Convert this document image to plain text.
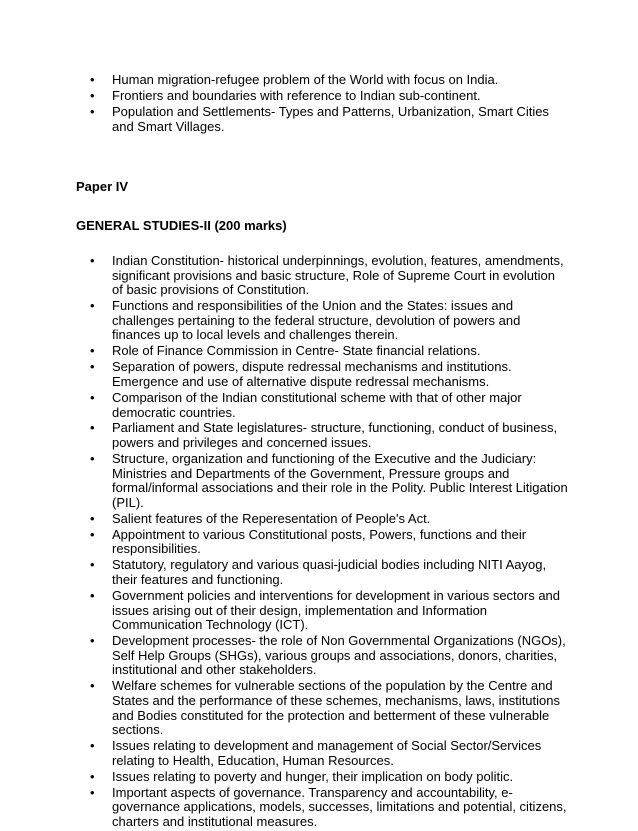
• Human migration-refugee problem of the World with focus on India.
• Frontiers and boundaries with reference to Indian sub-continent.
• Population and Settlements- Types and Patterns, Urbanization, Smart Cities and Smart Villages.

Paper IV

GENERAL STUDIES-II (200 marks)

• Indian Constitution- historical underpinnings, evolution, features, amendments, significant provisions and basic structure, Role of Supreme Court in evolution of basic provisions of Constitution.
• Functions and responsibilities of the Union and the States: issues and challenges pertaining to the federal structure, devolution of powers and finances up to local levels and challenges therein.
• Role of Finance Commission in Centre- State financial relations.
• Separation of powers, dispute redressal mechanisms and institutions. Emergence and use of alternative dispute redressal mechanisms.
• Comparison of the Indian constitutional scheme with that of other major democratic countries.
• Parliament and State legislatures- structure, functioning, conduct of business, powers and privileges and concerned issues.
• Structure, organization and functioning of the Executive and the Judiciary: Ministries and Departments of the Government, Pressure groups and formal/informal associations and their role in the Polity. Public Interest Litigation (PIL).
• Salient features of the Reperesentation of People's Act.
• Appointment to various Constitutional posts, Powers, functions and their responsibilities.
• Statutory, regulatory and various quasi-judicial bodies including NITI Aayog, their features and functioning.
• Government policies and interventions for development in various sectors and issues arising out of their design, implementation and Information Communication Technology (ICT).
• Development processes- the role of Non Governmental Organizations (NGOs), Self Help Groups (SHGs), various groups and associations, donors, charities, institutional and other stakeholders.
• Welfare schemes for vulnerable sections of the population by the Centre and States and the performance of these schemes, mechanisms, laws, institutions and Bodies constituted for the protection and betterment of these vulnerable sections.
• Issues relating to development and management of Social Sector/Services relating to Health, Education, Human Resources.
• Issues relating to poverty and hunger, their implication on body politic.
• Important aspects of governance. Transparency and accountability, e-governance applications, models, successes, limitations and potential, citizens, charters and institutional measures.
